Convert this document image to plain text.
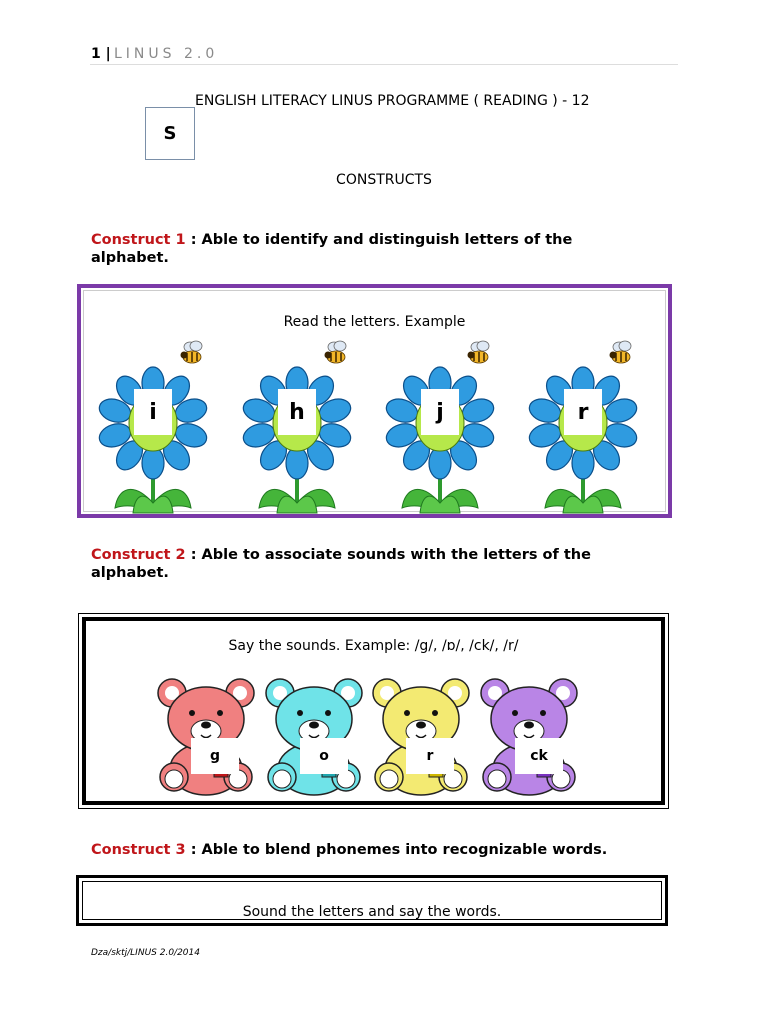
1 | LINUS 2.0
S
ENGLISH LITERACY LINUS PROGRAMME ( READING ) - 12
CONSTRUCTS
Construct 1 : Able to identify and distinguish letters of the alphabet.
Read the letters. Example
i	h	j	r
Construct 2 : Able to associate sounds with the letters of the alphabet.
Say the sounds. Example: /g/, /ɒ/, /ck/, /r/
g	o	r	ck
Construct 3 : Able to blend phonemes into recognizable words.
Sound the letters and say the words.
Dza/sktj/LINUS 2.0/2014
